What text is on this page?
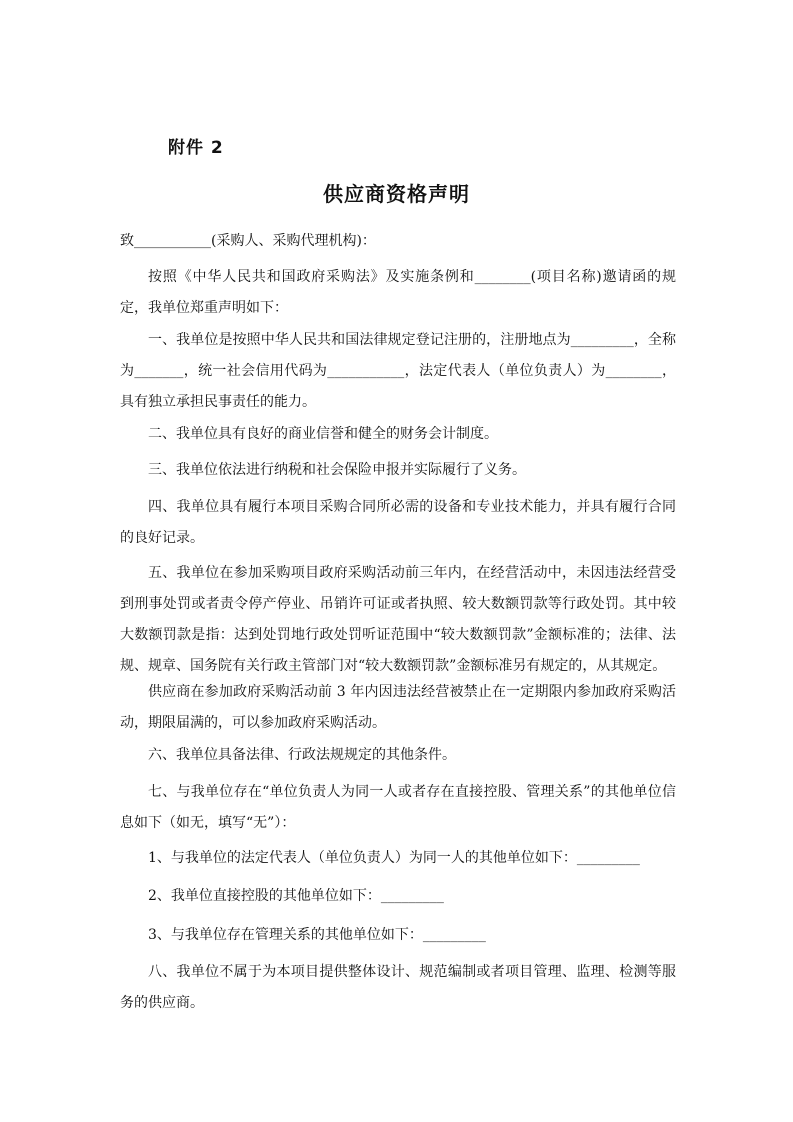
附件 2
供应商资格声明
致___________(采购人、采购代理机构)：
按照《中华人民共和国政府采购法》及实施条例和________(项目名称)邀请函的规定，我单位郑重声明如下：
一、我单位是按照中华人民共和国法律规定登记注册的，注册地点为_________，全称为_______，统一社会信用代码为___________，法定代表人（单位负责人）为________，具有独立承担民事责任的能力。
二、我单位具有良好的商业信誉和健全的财务会计制度。
三、我单位依法进行纳税和社会保险申报并实际履行了义务。
四、我单位具有履行本项目采购合同所必需的设备和专业技术能力，并具有履行合同的良好记录。
五、我单位在参加采购项目政府采购活动前三年内，在经营活动中，未因违法经营受到刑事处罚或者责令停产停业、吊销许可证或者执照、较大数额罚款等行政处罚。其中较大数额罚款是指：达到处罚地行政处罚听证范围中“较大数额罚款”金额标准的；法律、法规、规章、国务院有关行政主管部门对“较大数额罚款”金额标准另有规定的，从其规定。
供应商在参加政府采购活动前 3 年内因违法经营被禁止在一定期限内参加政府采购活动，期限届满的，可以参加政府采购活动。
六、我单位具备法律、行政法规规定的其他条件。
七、与我单位存在“单位负责人为同一人或者存在直接控股、管理关系”的其他单位信息如下（如无，填写“无”）：
1、与我单位的法定代表人（单位负责人）为同一人的其他单位如下：_________
2、我单位直接控股的其他单位如下：_________
3、与我单位存在管理关系的其他单位如下：_________
八、我单位不属于为本项目提供整体设计、规范编制或者项目管理、监理、检测等服务的供应商。
